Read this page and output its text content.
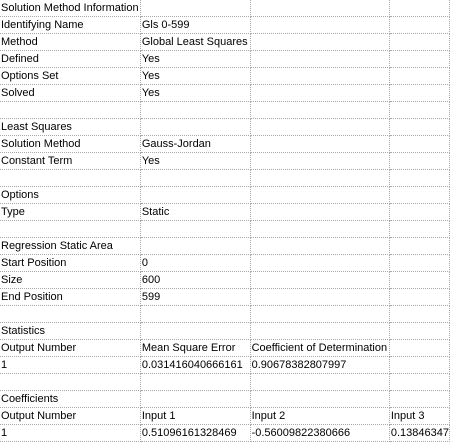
Solution Method Information			
Identifying Name	Gls 0-599		
Method	Global Least Squares		
Defined	Yes		
Options Set	Yes		
Solved	Yes		

Least Squares			
Solution Method	Gauss-Jordan		
Constant Term	Yes		

Options			
Type	Static		

Regression Static Area			
Start Position	0		
Size	600		
End Position	599		

Statistics			
Output Number	Mean Square Error	Coefficient of Determination	
1	0.031416040666161	0.90678382807997	

Coefficients			
Output Number	Input 1	Input 2	Input 3
1	0.51096161328469	-0.56009822380666	0.13846347
